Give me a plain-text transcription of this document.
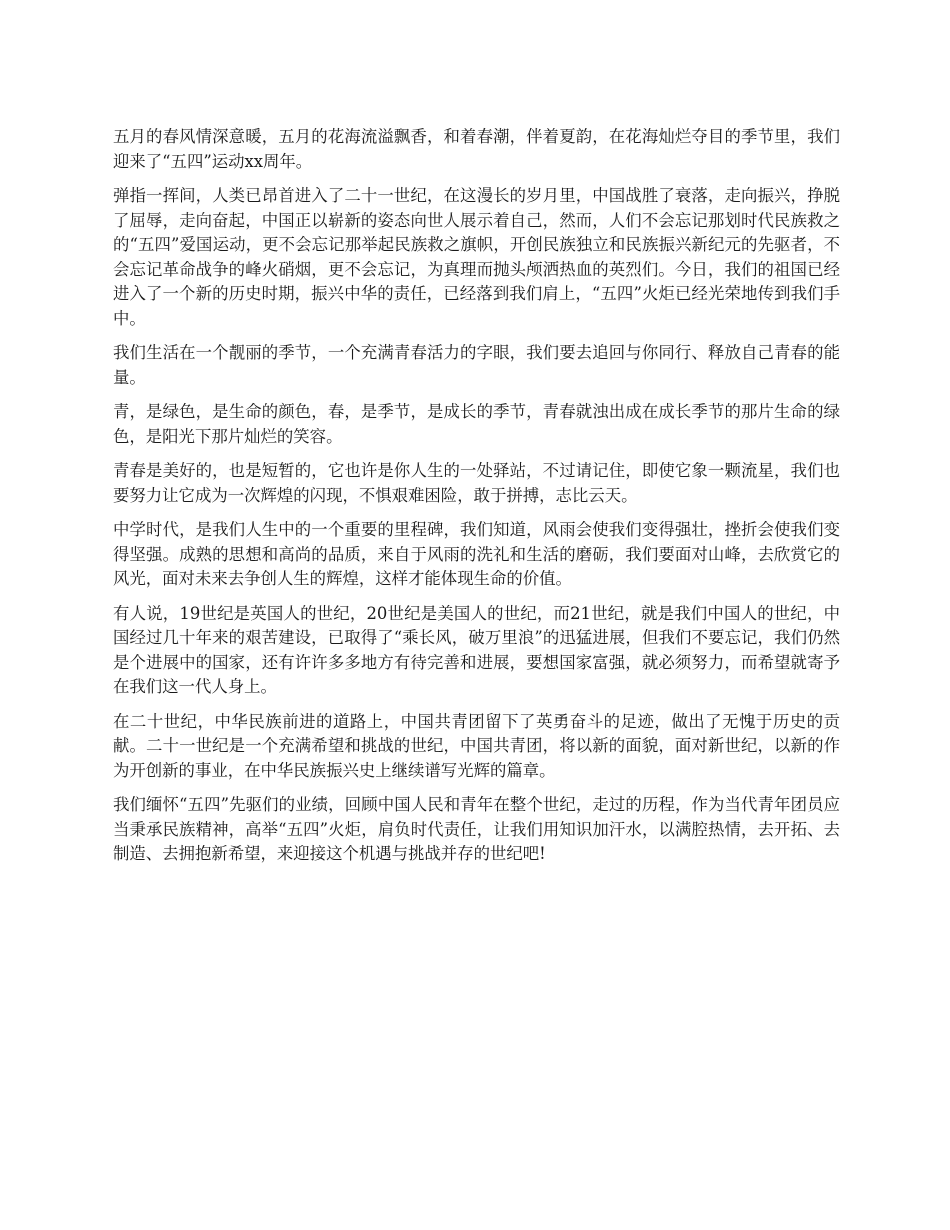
五月的春风情深意暖，五月的花海流溢飘香，和着春潮，伴着夏韵，在花海灿烂夺目的季节里，我们迎来了“五四”运动xx周年。

弹指一挥间，人类已昂首进入了二十一世纪，在这漫长的岁月里，中国战胜了衰落，走向振兴，挣脱了屈辱，走向奋起，中国正以崭新的姿态向世人展示着自己，然而，人们不会忘记那划时代民族救之的“五四”爱国运动，更不会忘记那举起民族救之旗帜，开创民族独立和民族振兴新纪元的先驱者，不会忘记革命战争的峰火硝烟，更不会忘记，为真理而抛头颅洒热血的英烈们。今日，我们的祖国已经进入了一个新的历史时期，振兴中华的责任，已经落到我们肩上，“五四”火炬已经光荣地传到我们手中。

我们生活在一个靓丽的季节，一个充满青春活力的字眼，我们要去追回与你同行、释放自己青春的能量。

青，是绿色，是生命的颜色，春，是季节，是成长的季节，青春就浊出成在成长季节的那片生命的绿色，是阳光下那片灿烂的笑容。

青春是美好的，也是短暂的，它也许是你人生的一处驿站，不过请记住，即使它象一颗流星，我们也要努力让它成为一次辉煌的闪现，不惧艰难困险，敢于拼搏，志比云天。

中学时代，是我们人生中的一个重要的里程碑，我们知道，风雨会使我们变得强壮，挫折会使我们变得坚强。成熟的思想和高尚的品质，来自于风雨的洗礼和生活的磨砺，我们要面对山峰，去欣赏它的风光，面对未来去争创人生的辉煌，这样才能体现生命的价值。

有人说，19世纪是英国人的世纪，20世纪是美国人的世纪，而21世纪，就是我们中国人的世纪，中国经过几十年来的艰苦建设，已取得了“乘长风，破万里浪”的迅猛进展，但我们不要忘记，我们仍然是个进展中的国家，还有许许多多地方有待完善和进展，要想国家富强，就必须努力，而希望就寄予在我们这一代人身上。

在二十世纪，中华民族前进的道路上，中国共青团留下了英勇奋斗的足迹，做出了无愧于历史的贡献。二十一世纪是一个充满希望和挑战的世纪，中国共青团，将以新的面貌，面对新世纪，以新的作为开创新的事业，在中华民族振兴史上继续谱写光辉的篇章。

我们缅怀“五四”先驱们的业绩，回顾中国人民和青年在整个世纪，走过的历程，作为当代青年团员应当秉承民族精神，高举“五四”火炬，肩负时代责任，让我们用知识加汗水，以满腔热情，去开拓、去制造、去拥抱新希望，来迎接这个机遇与挑战并存的世纪吧!
